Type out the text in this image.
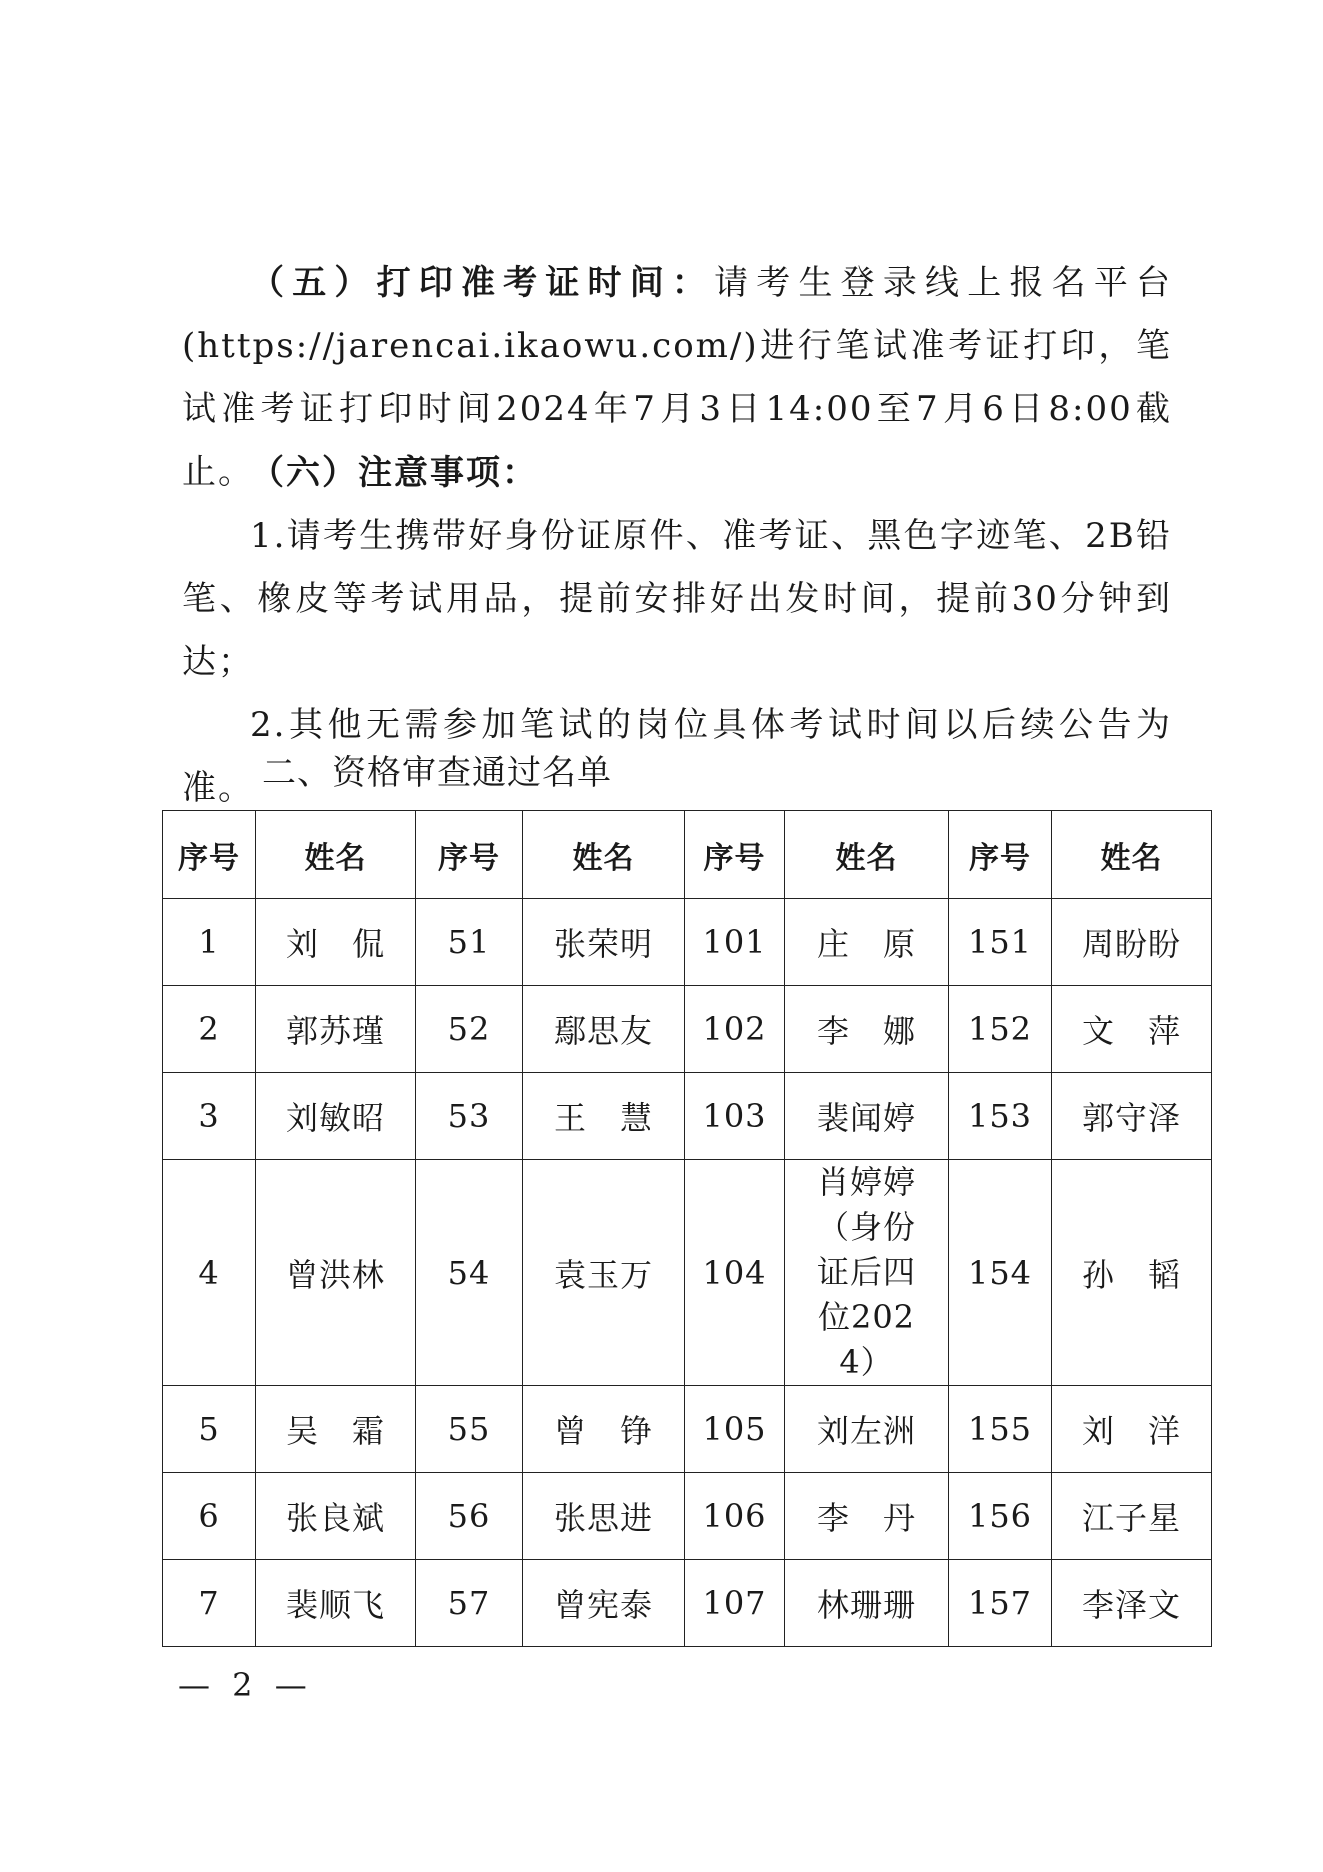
（五）打印准考证时间：请考生登录线上报名平台(https://jarencai.ikaowu.com/)进行笔试准考证打印，笔试准考证打印时间2024年7月3日14:00至7月6日8:00截止。

（六）注意事项：

1.请考生携带好身份证原件、准考证、黑色字迹笔、2B铅笔、橡皮等考试用品，提前安排好出发时间，提前30分钟到达；

2.其他无需参加笔试的岗位具体考试时间以后续公告为准。 二、资格审查通过名单
序号	姓名	序号	姓名	序号	姓名	序号	姓名
1	刘　侃	51	张荣明	101	庄　原	151	周盼盼
2	郭苏瑾	52	鄢思友	102	李　娜	152	文　萍
3	刘敏昭	53	王　慧	103	裴闻婷	153	郭守泽
4	曾洪林	54	袁玉万	104	肖婷婷（身份证后四位2024）	154	孙　韬
5	吴　霜	55	曾　铮	105	刘左洲	155	刘　洋
6	张良斌	56	张思进	106	李　丹	156	江子星
7	裴顺飞	57	曾宪泰	107	林珊珊	157	李泽文

— 2 —
